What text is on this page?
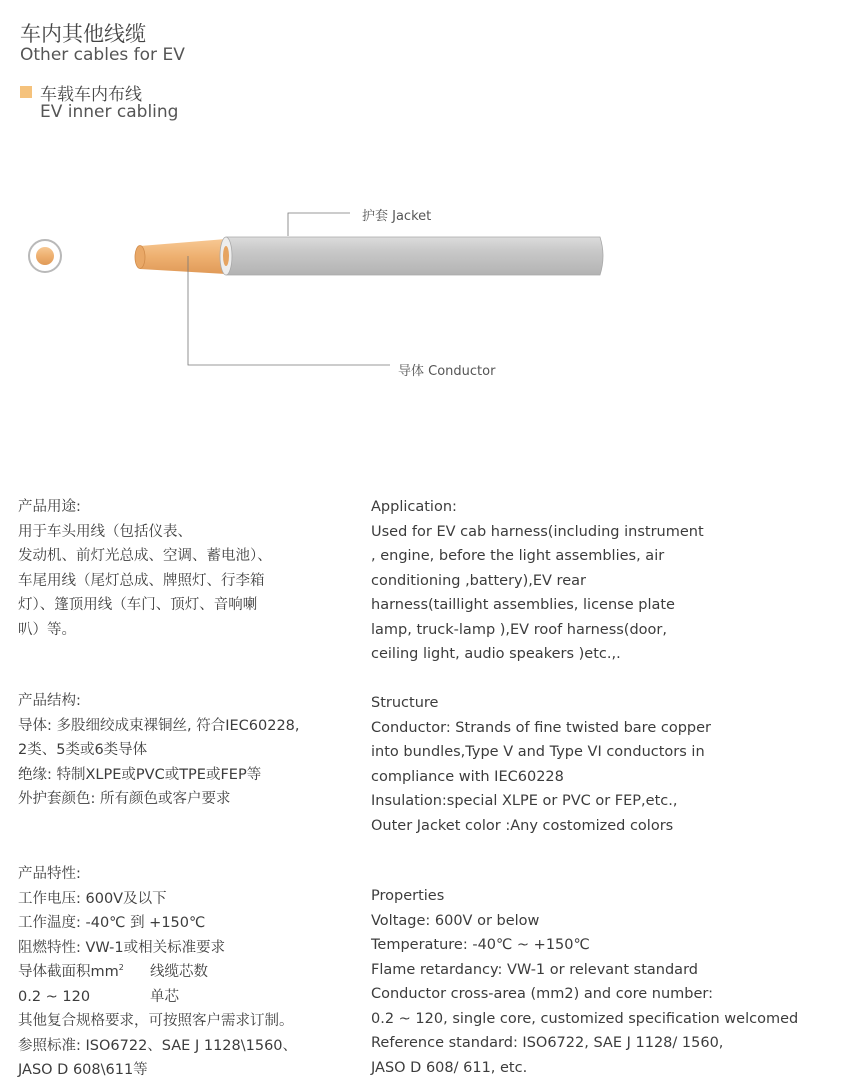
车内其他线缆
Other cables for EV
车载车内布线
EV inner cabling
护套 Jacket
导体 Conductor
产品用途:
用于车头用线（包括仪表、
发动机、前灯光总成、空调、蓄电池）、
车尾用线（尾灯总成、牌照灯、行李箱
灯）、篷顶用线（车门、顶灯、音响喇
叭）等。
Application:
Used for EV cab harness(including instrument
, engine, before the light assemblies, air
conditioning ,battery),EV rear
harness(taillight assemblies, license plate
lamp, truck-lamp ),EV roof harness(door,
ceiling light, audio speakers )etc.,.
产品结构:
导体: 多股细绞成束裸铜丝, 符合IEC60228,
2类、5类或6类导体
绝缘: 特制XLPE或PVC或TPE或FEP等
外护套颜色: 所有颜色或客户要求
Structure
Conductor: Strands of fine twisted bare copper
into bundles,Type V and Type VI conductors in
compliance with IEC60228
Insulation:special XLPE or PVC or FEP,etc.,
Outer Jacket color :Any costomized colors
产品特性:
工作电压: 600V及以下
工作温度: -40℃ 到 +150℃
阻燃特性: VW-1或相关标准要求
导体截面积$mm^2$	线缆芯数
0.2 ~ 120	单芯
其他复合规格要求，可按照客户需求订制。
参照标准: ISO6722、SAE J 1128\1560、
JASO D 608\611等
Properties
Voltage: 600V or below
Temperature: -40℃ ~ +150℃
Flame retardancy: VW-1 or relevant standard
Conductor cross-area (mm2) and core number:
0.2 ~ 120, single core, customized specification welcomed
Reference standard: ISO6722, SAE J 1128/ 1560,
JASO D 608/ 611, etc.
